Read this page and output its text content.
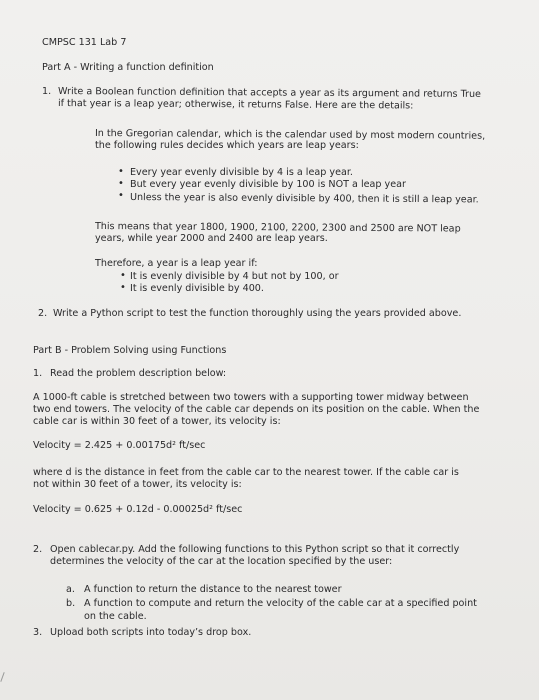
CMPSC 131 Lab 7
Part A - Writing a function definition
1. Write a Boolean function definition that accepts a year as its argument and returns True
if that year is a leap year; otherwise, it returns False. Here are the details:
In the Gregorian calendar, which is the calendar used by most modern countries,
the following rules decides which years are leap years:
• Every year evenly divisible by 4 is a leap year.
• But every year evenly divisible by 100 is NOT a leap year
• Unless the year is also evenly divisible by 400, then it is still a leap year.
This means that year 1800, 1900, 2100, 2200, 2300 and 2500 are NOT leap
years, while year 2000 and 2400 are leap years.
Therefore, a year is a leap year if:
• It is evenly divisible by 4 but not by 100, or
• It is evenly divisible by 400.
2. Write a Python script to test the function thoroughly using the years provided above.
Part B - Problem Solving using Functions
1. Read the problem description below:
A 1000-ft cable is stretched between two towers with a supporting tower midway between
two end towers. The velocity of the cable car depends on its position on the cable. When the
cable car is within 30 feet of a tower, its velocity is:
Velocity = 2.425 + 0.00175d² ft/sec
where d is the distance in feet from the cable car to the nearest tower. If the cable car is
not within 30 feet of a tower, its velocity is:
Velocity = 0.625 + 0.12d - 0.00025d² ft/sec
2. Open cablecar.py. Add the following functions to this Python script so that it correctly
determines the velocity of the car at the location specified by the user:
a. A function to return the distance to the nearest tower
b. A function to compute and return the velocity of the cable car at a specified point
on the cable.
3. Upload both scripts into today’s drop box.
